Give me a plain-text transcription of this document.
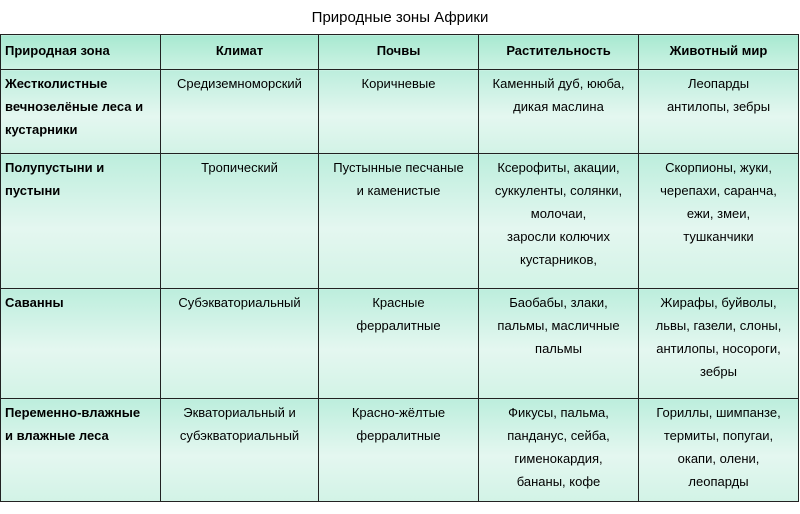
Природные зоны Африки
Природная зона	Климат	Почвы	Растительность	Животный мир

Жестколистные
вечнозелёные леса и
кустарники	Средиземноморский	Коричневые	Каменный дуб, ююба,
дикая маслина	Леопарды
антилопы, зебры

Полупустыни и
пустыни	Тропический	Пустынные песчаные
и каменистые	Ксерофиты, акации,
суккуленты, солянки,
молочаи,
заросли колючих
кустарников,	Скорпионы, жуки,
черепахи, саранча,
ежи, змеи,
тушканчики

Саванны	Субэкваториальный	Красные
ферралитные	Баобабы, злаки,
пальмы, масличные
пальмы	Жирафы, буйволы,
львы, газели, слоны,
антилопы, носороги,
зебры

Переменно-влажные
и влажные леса	Экваториальный и
субэкваториальный	Красно-жёлтые
ферралитные	Фикусы, пальма,
панданус, сейба,
гименокардия,
бананы, кофе	Гориллы, шимпанзе,
термиты, попугаи,
окапи, олени,
леопарды
